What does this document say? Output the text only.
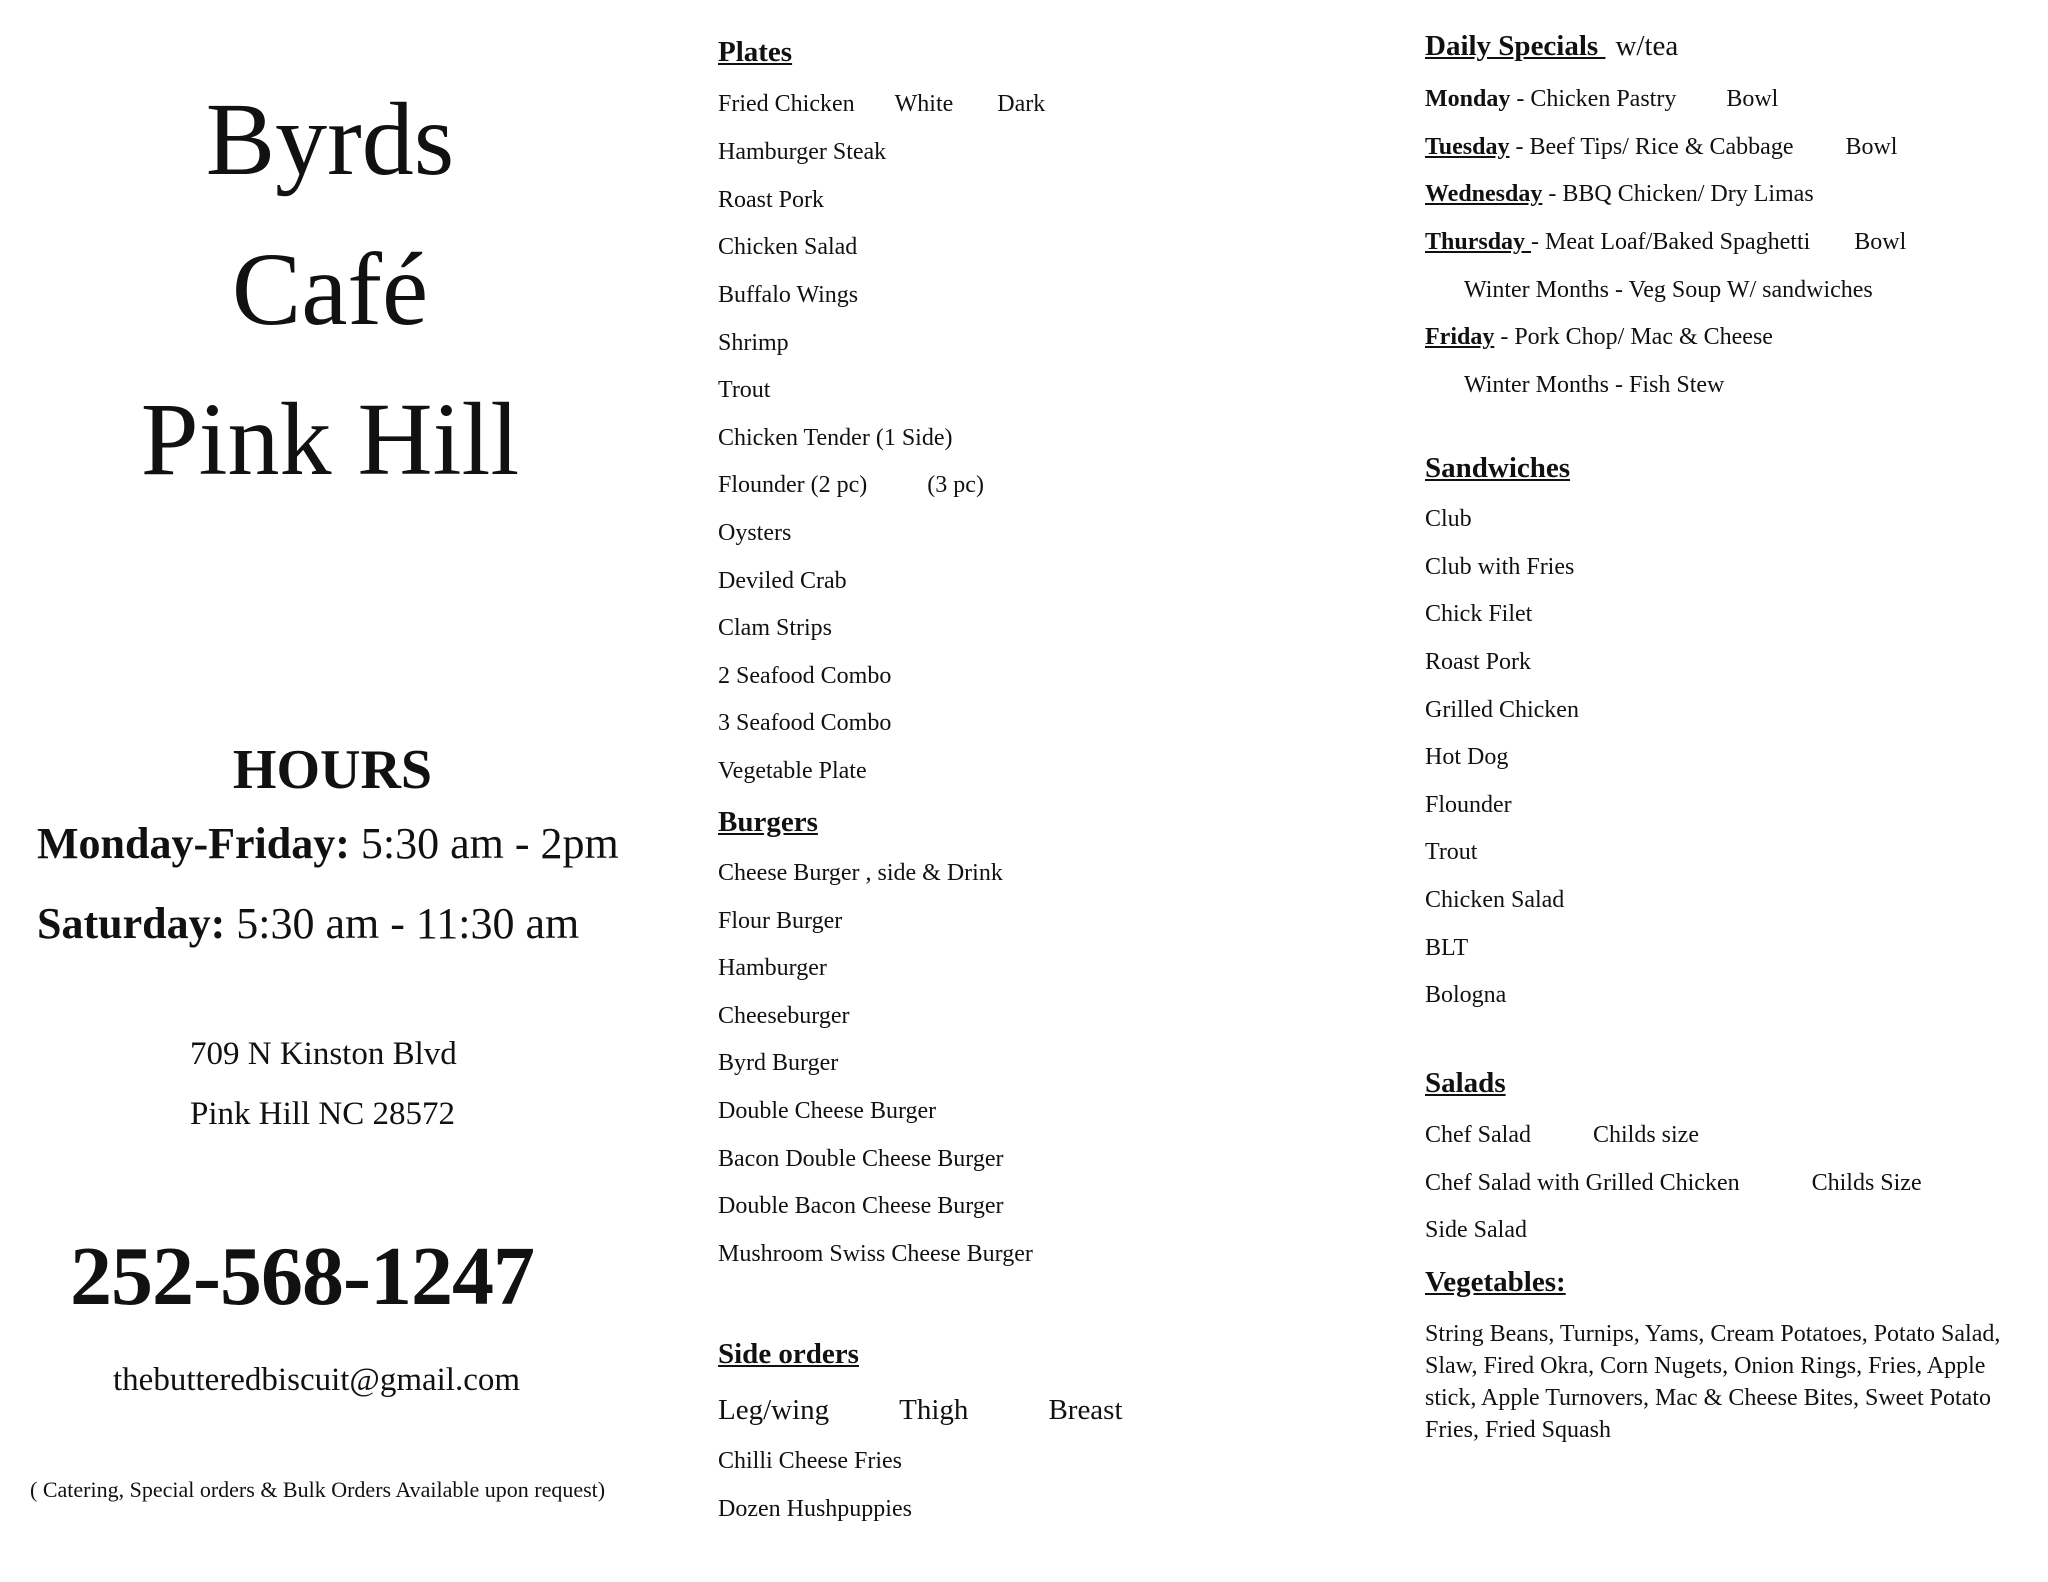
Byrds
Café
Pink Hill
HOURS
Monday-Friday: 5:30 am - 2pm
Saturday: 5:30 am - 11:30 am
709 N Kinston Blvd
Pink Hill NC 28572
252-568-1247
thebutteredbiscuit@gmail.com
( Catering, Special orders & Bulk Orders Available upon request)
Plates
Fried Chicken White Dark
Hamburger Steak
Roast Pork
Chicken Salad
Buffalo Wings
Shrimp
Trout
Chicken Tender (1 Side)
Flounder (2 pc)	(3 pc)
Oysters
Deviled Crab
Clam Strips
2 Seafood Combo
3 Seafood Combo
Vegetable Plate
Burgers
Cheese Burger , side & Drink
Flour Burger
Hamburger
Cheeseburger
Byrd Burger
Double Cheese Burger
Bacon Double Cheese Burger
Double Bacon Cheese Burger
Mushroom Swiss Cheese Burger
Side orders
Leg/wing Thigh	Breast
Chilli Cheese Fries
Dozen Hushpuppies
Daily Specials w/tea
Monday - Chicken Pastry Bowl
Tuesday - Beef Tips/ Rice & Cabbage Bowl
Wednesday - BBQ Chicken/ Dry Limas
Thursday - Meat Loaf/Baked Spaghetti Bowl
Winter Months - Veg Soup W/ sandwiches
Friday - Pork Chop/ Mac & Cheese
Winter Months - Fish Stew
Sandwiches
Club
Club with Fries
Chick Filet
Roast Pork
Grilled Chicken
Hot Dog
Flounder
Trout
Chicken Salad
BLT
Bologna
Salads
Chef Salad	Childs size
Chef Salad with Grilled Chicken	Childs Size
Side Salad
Vegetables:
String Beans, Turnips, Yams, Cream Potatoes, Potato Salad, Slaw, Fired Okra, Corn Nugets, Onion Rings, Fries, Apple stick, Apple Turnovers, Mac & Cheese Bites, Sweet Potato Fries, Fried Squash
